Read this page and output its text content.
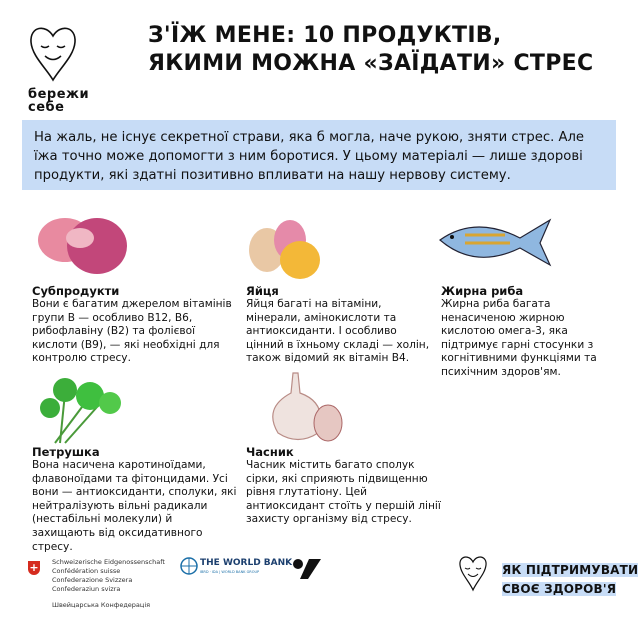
бережи
себе
З'ЇЖ МЕНЕ: 10 ПРОДУКТІВ,
ЯКИМИ МОЖНА «ЗАЇДАТИ» СТРЕС
На жаль, не існує секретної страви, яка б могла, наче рукою, зняти стрес. Але їжа точно може допомогти з ним боротися. У цьому матеріалі — лише здорові продукти, які здатні позитивно впливати на нашу нервову систему.
Субпродукти

Вони є багатим джерелом вітамінів групи В — особливо В12, В6, рибофлавіну (В2) та фолієвої кислоти (В9), — які необхідні для контролю стресу.

Яйця

Яйця багаті на вітаміни, мінерали, амінокислоти та антиоксиданти. І особливо цінний в їхньому складі — холін, також відомий як вітамін В4.

Жирна риба

Жирна риба багата ненасиченою жирною кислотою омега-3, яка підтримує гарні стосунки з когнітивними функціями та психічним здоров'ям.

Петрушка

Вона насичена каротиноїдами, флавоноїдами та фітонцидами. Усі вони — антиоксиданти, сполуки, які нейтралізують вільні радикали (нестабільні молекули) й захищають від оксидативного стресу.

Часник

Часник містить багато сполук сірки, які сприяють підвищенню рівня глутатіону. Цей антиоксидант стоїть у першій лінії захисту організму від стресу.

+ Schweizerische Eidgenossenschaft
Confédération suisse
Confederazione Svizzera
Confederaziun svizra
Швейцарська Конфедерація
THE WORLD BANK
IBRD · IDA | WORLD BANK GROUP	ЯК ПІДТРИМУВАТИ
СВОЄ ЗДОРОВ'Я
